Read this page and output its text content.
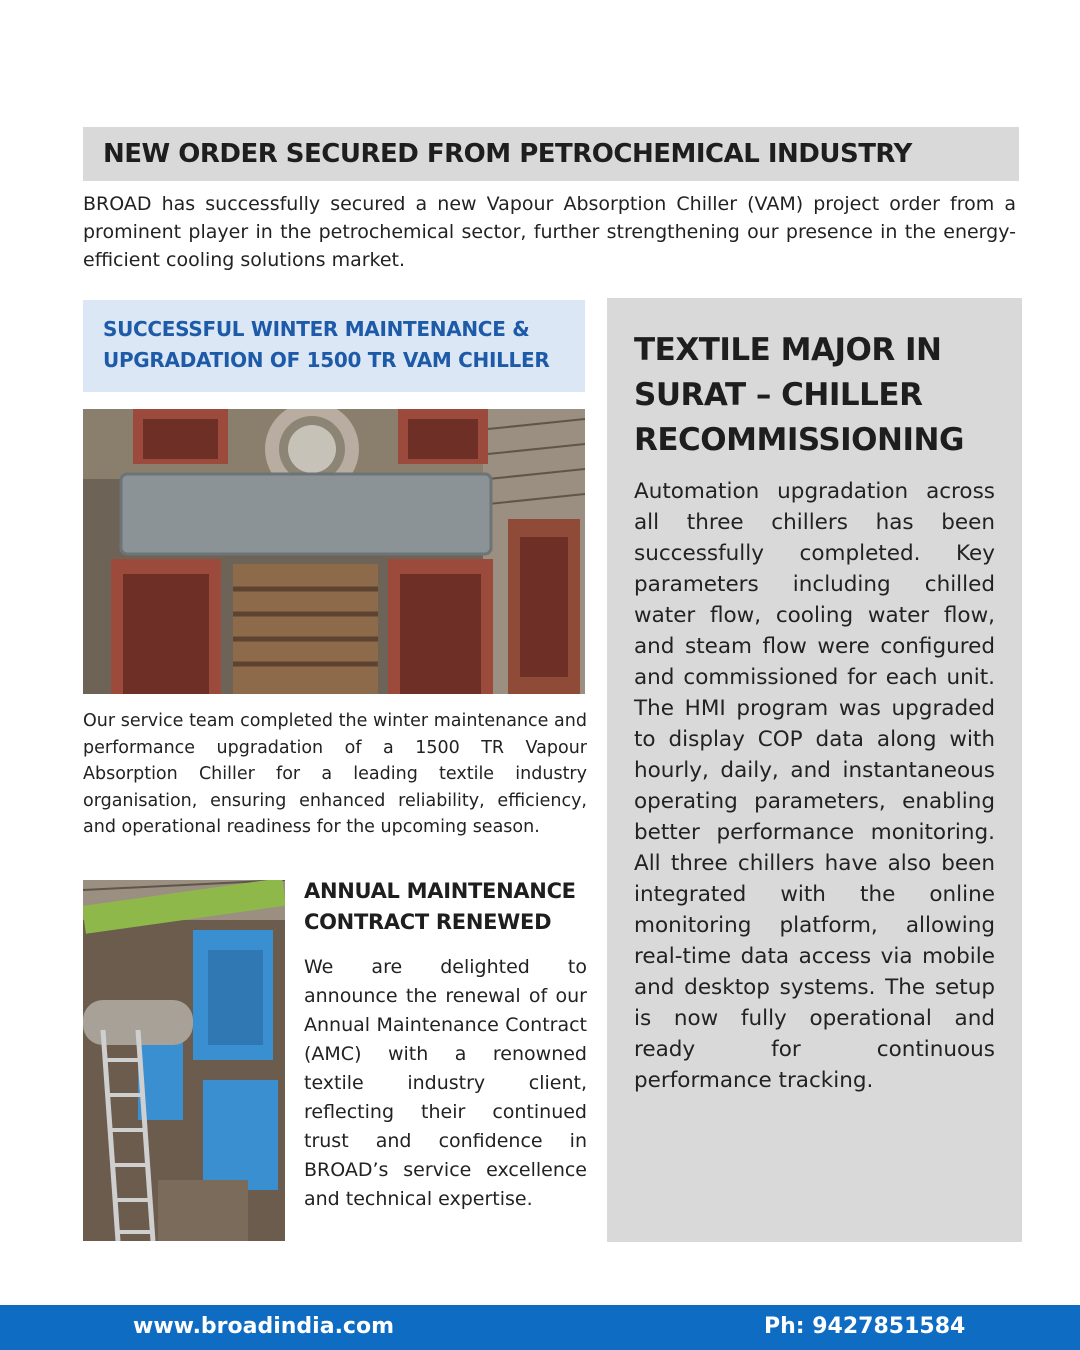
NEW ORDER SECURED FROM PETROCHEMICAL INDUSTRY
BROAD has successfully secured a new Vapour Absorption Chiller (VAM) project order from a prominent player in the petrochemical sector, further strengthening our presence in the energy-efficient cooling solutions market.
SUCCESSFUL WINTER MAINTENANCE &
UPGRADATION OF 1500 TR VAM CHILLER
Our service team completed the winter maintenance and performance upgradation of a 1500 TR Vapour Absorption Chiller for a leading textile industry organisation, ensuring enhanced reliability, efficiency, and operational readiness for the upcoming season.
ANNUAL MAINTENANCE
CONTRACT RENEWED
We are delighted to announce the renewal of our Annual Maintenance Contract (AMC) with a renowned textile industry client, reflecting their continued trust and confidence in BROAD’s service excellence and technical expertise.
TEXTILE MAJOR IN
SURAT – CHILLER
RECOMMISSIONING
Automation upgradation across all three chillers has been successfully completed. Key parameters including chilled water flow, cooling water flow, and steam flow were configured and commissioned for each unit. The HMI program was upgraded to display COP data along with hourly, daily, and instantaneous operating parameters, enabling better performance monitoring. All three chillers have also been integrated with the online monitoring platform, allowing real-time data access via mobile and desktop systems. The setup is now fully operational and ready for continuous performance tracking.
www.broadindia.com	Ph: 9427851584
